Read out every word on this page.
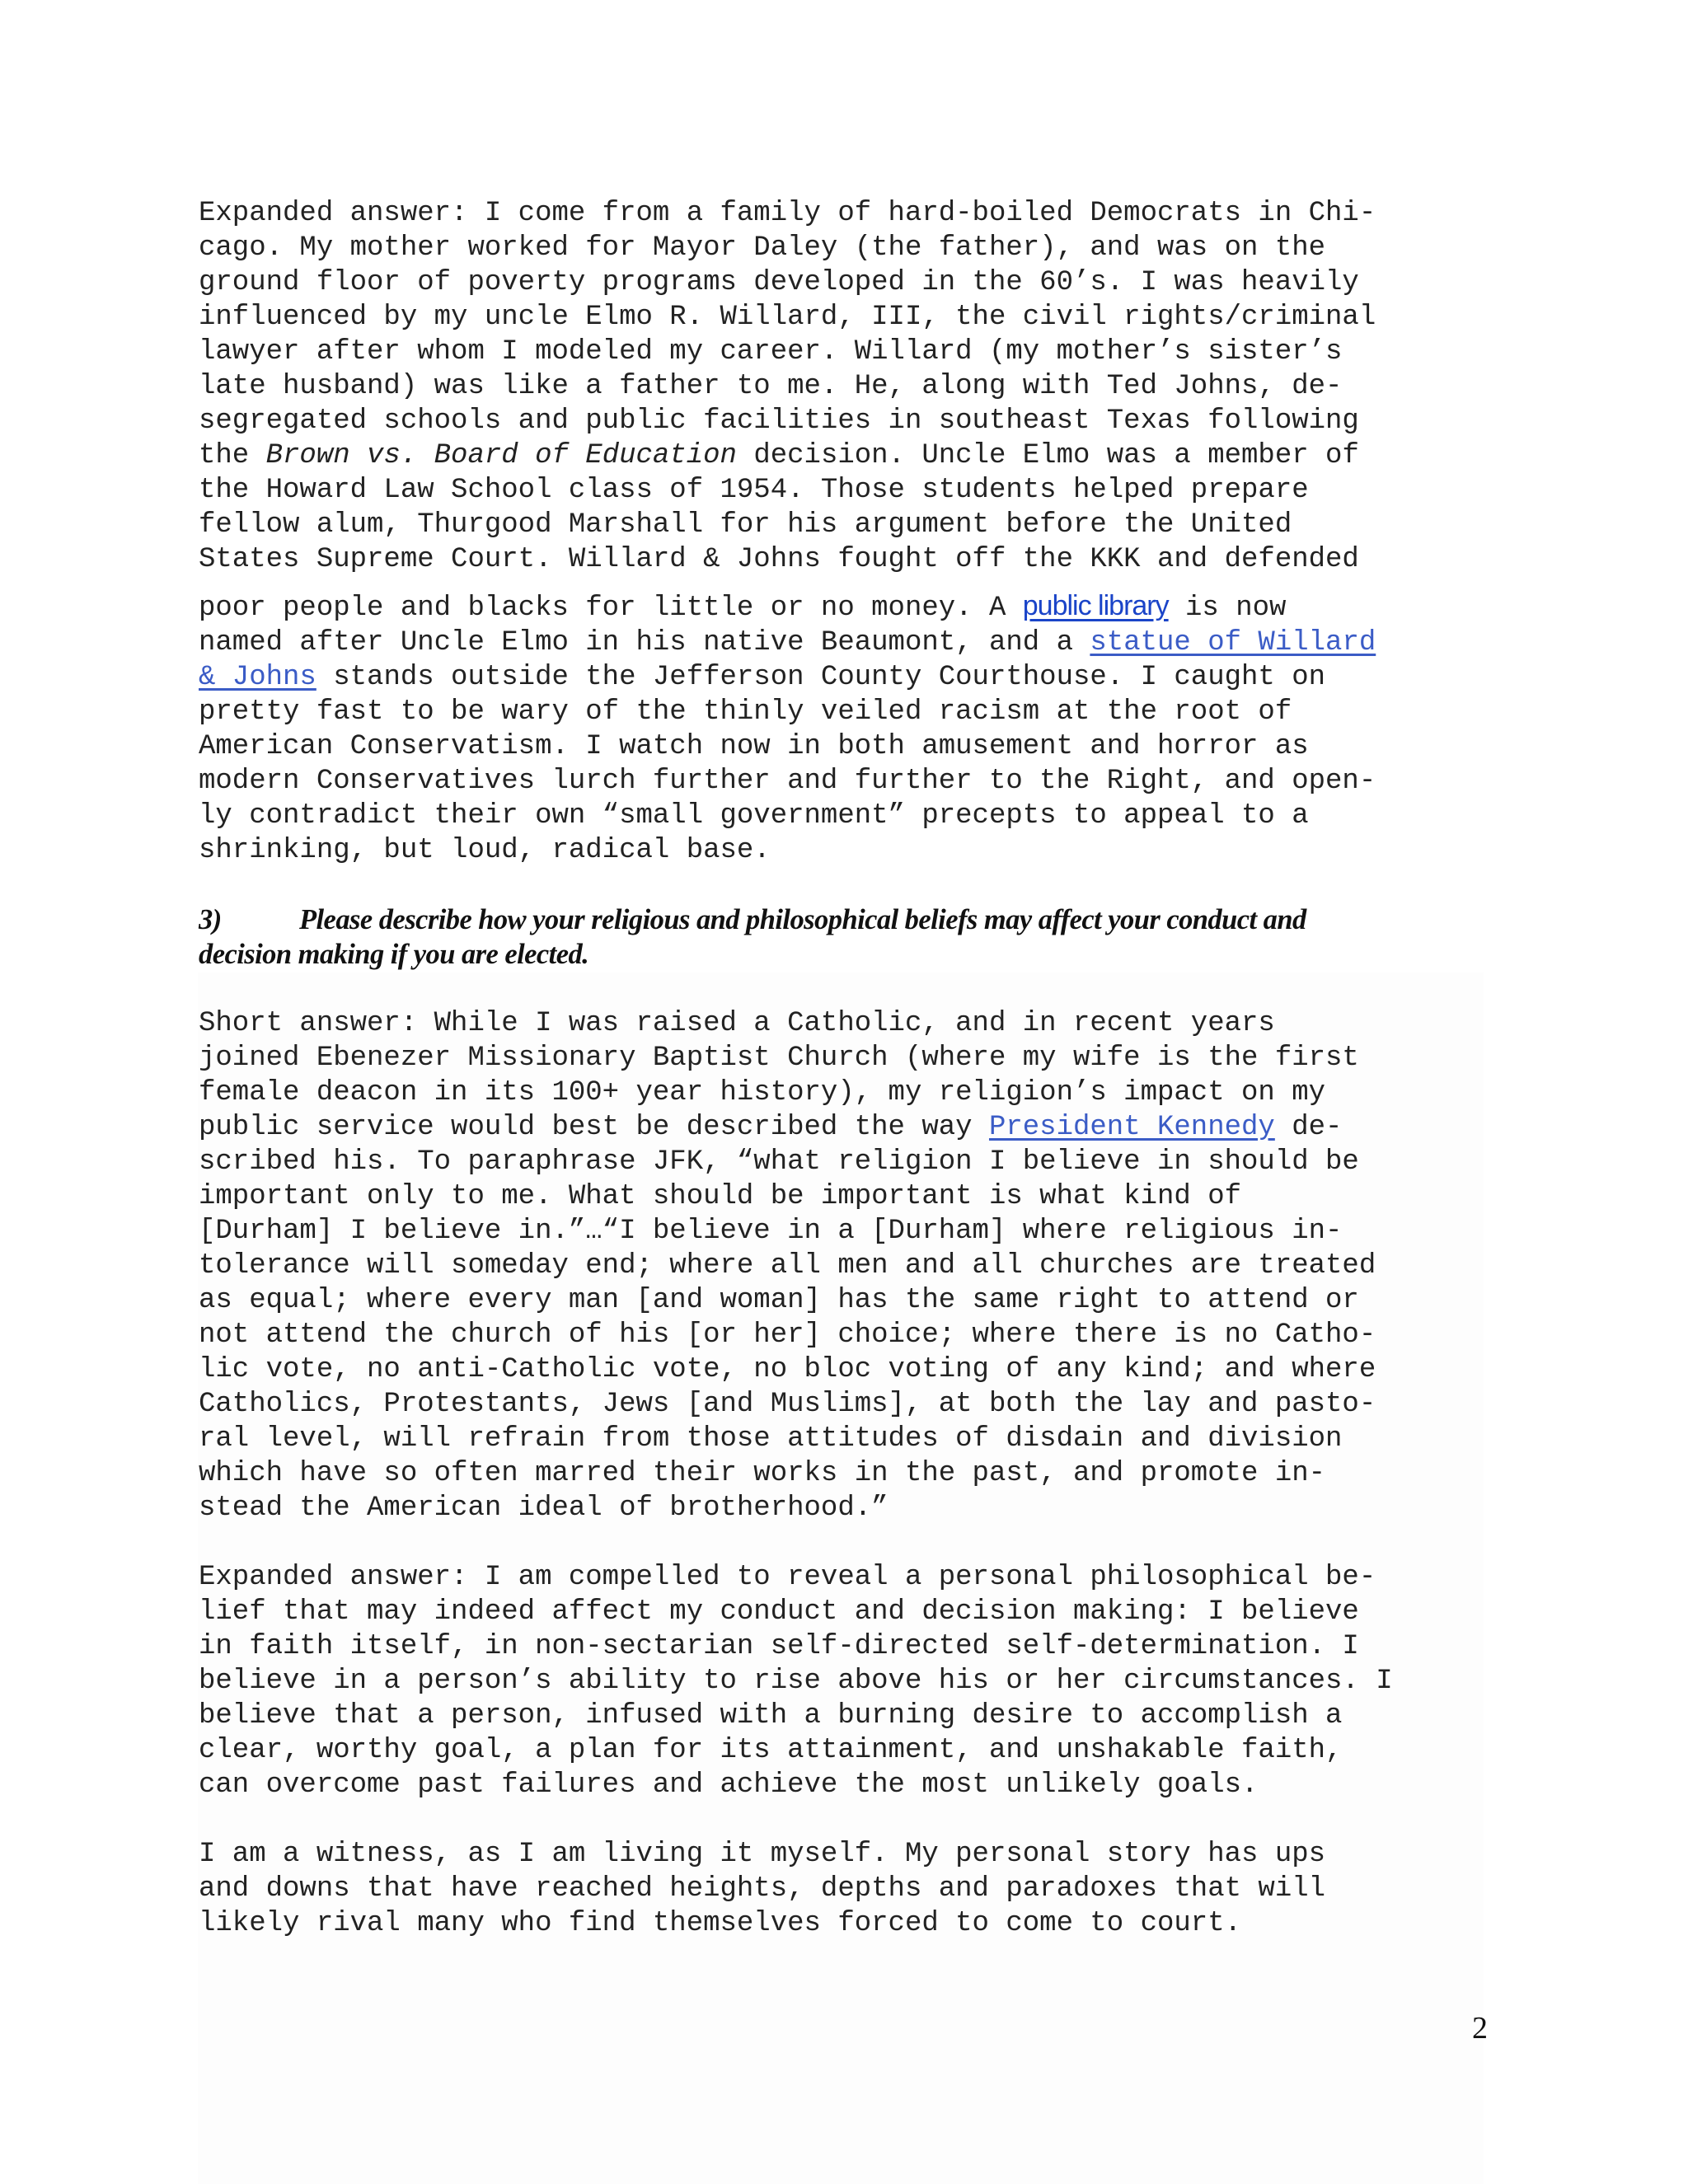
Expanded answer: I come from a family of hard-boiled Democrats in Chi-
cago. My mother worked for Mayor Daley (the father), and was on the
ground floor of poverty programs developed in the 60’s. I was heavily
influenced by my uncle Elmo R. Willard, III, the civil rights/criminal
lawyer after whom I modeled my career. Willard (my mother’s sister’s
late husband) was like a father to me. He, along with Ted Johns, de-
segregated schools and public facilities in southeast Texas following
the Brown vs. Board of Education decision. Uncle Elmo was a member of
the Howard Law School class of 1954. Those students helped prepare
fellow alum, Thurgood Marshall for his argument before the United
States Supreme Court. Willard & Johns fought off the KKK and defended
poor people and blacks for little or no money. A public library is now
named after Uncle Elmo in his native Beaumont, and a statue of Willard
& Johns stands outside the Jefferson County Courthouse. I caught on
pretty fast to be wary of the thinly veiled racism at the root of
American Conservatism. I watch now in both amusement and horror as
modern Conservatives lurch further and further to the Right, and open-
ly contradict their own “small government” precepts to appeal to a
shrinking, but loud, radical base.

3)	Please describe how your religious and philosophical beliefs may affect your conduct and
decision making if you are elected.

Short answer: While I was raised a Catholic, and in recent years
joined Ebenezer Missionary Baptist Church (where my wife is the first
female deacon in its 100+ year history), my religion’s impact on my
public service would best be described the way President Kennedy de-
scribed his. To paraphrase JFK, “what religion I believe in should be
important only to me. What should be important is what kind of
[Durham] I believe in.”…“I believe in a [Durham] where religious in-
tolerance will someday end; where all men and all churches are treated
as equal; where every man [and woman] has the same right to attend or
not attend the church of his [or her] choice; where there is no Catho-
lic vote, no anti-Catholic vote, no bloc voting of any kind; and where
Catholics, Protestants, Jews [and Muslims], at both the lay and pasto-
ral level, will refrain from those attitudes of disdain and division
which have so often marred their works in the past, and promote in-
stead the American ideal of brotherhood.”

Expanded answer: I am compelled to reveal a personal philosophical be-
lief that may indeed affect my conduct and decision making: I believe
in faith itself, in non-sectarian self-directed self-determination. I
believe in a person’s ability to rise above his or her circumstances. I
believe that a person, infused with a burning desire to accomplish a
clear, worthy goal, a plan for its attainment, and unshakable faith,
can overcome past failures and achieve the most unlikely goals.

I am a witness, as I am living it myself. My personal story has ups
and downs that have reached heights, depths and paradoxes that will
likely rival many who find themselves forced to come to court.

2
